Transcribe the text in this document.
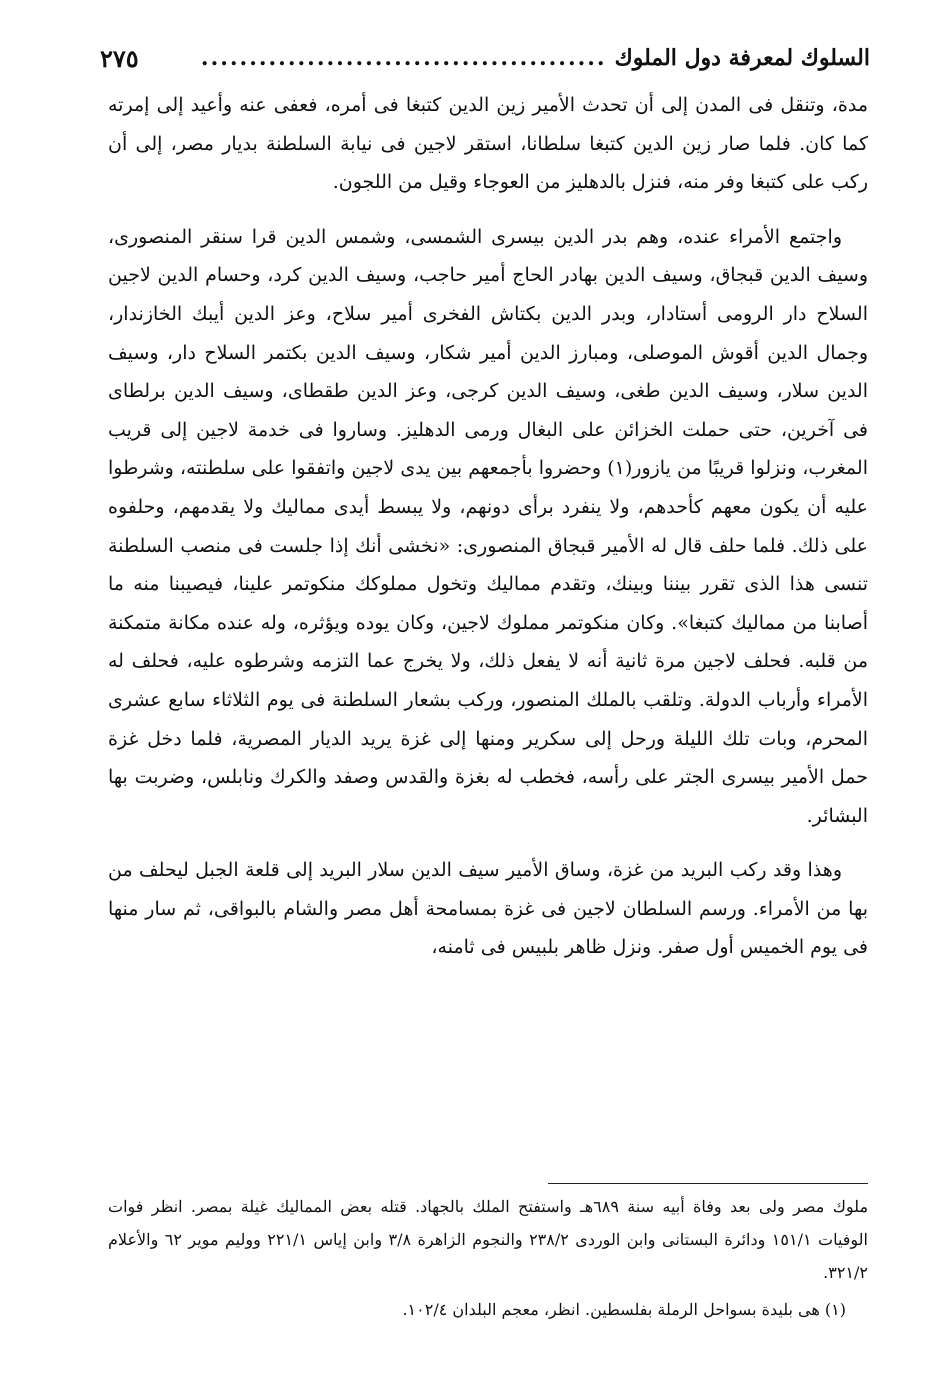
السلوك لمعرفة دول الملوك
..........................................
٢٧٥

مدة، وتنقل فى المدن إلى أن تحدث الأمير زين الدين كتبغا فى أمره، فعفى عنه وأعيد إلى إمرته كما كان. فلما صار زين الدين كتبغا سلطانا، استقر لاجين فى نيابة السلطنة بديار مصر، إلى أن ركب على كتبغا وفر منه، فنزل بالدهليز من العوجاء وقيل من اللجون.

واجتمع الأمراء عنده، وهم بدر الدين بيسرى الشمسى، وشمس الدين قرا سنقر المنصورى، وسيف الدين قبجاق، وسيف الدين بهادر الحاج أمير حاجب، وسيف الدين كرد، وحسام الدين لاجين السلاح دار الرومى أستادار، وبدر الدين بكتاش الفخرى أمير سلاح، وعز الدين أيبك الخازندار، وجمال الدين أقوش الموصلى، ومبارز الدين أمير شكار، وسيف الدين بكتمر السلاح دار، وسيف الدين سلار، وسيف الدين طغى، وسيف الدين كرجى، وعز الدين طقطاى، وسيف الدين برلطاى فى آخرين، حتى حملت الخزائن على البغال ورمى الدهليز. وساروا فى خدمة لاجين إلى قريب المغرب، ونزلوا قريبًا من يازور(١) وحضروا بأجمعهم بين يدى لاجين واتفقوا على سلطنته، وشرطوا عليه أن يكون معهم كأحدهم، ولا ينفرد برأى دونهم، ولا يبسط أيدى مماليك ولا يقدمهم، وحلفوه على ذلك. فلما حلف قال له الأمير قبجاق المنصورى: «نخشى أنك إذا جلست فى منصب السلطنة تنسى هذا الذى تقرر بيننا وبينك، وتقدم مماليك وتخول مملوكك منكوتمر علينا، فيصيبنا منه ما أصابنا من مماليك كتبغا». وكان منكوتمر مملوك لاجين، وكان يوده ويؤثره، وله عنده مكانة متمكنة من قلبه. فحلف لاجين مرة ثانية أنه لا يفعل ذلك، ولا يخرج عما التزمه وشرطوه عليه، فحلف له الأمراء وأرباب الدولة. وتلقب بالملك المنصور، وركب بشعار السلطنة فى يوم الثلاثاء سابع عشرى المحرم، وبات تلك الليلة ورحل إلى سكرير ومنها إلى غزة يريد الديار المصرية، فلما دخل غزة حمل الأمير بيسرى الجتر على رأسه، فخطب له بغزة والقدس وصفد والكرك ونابلس، وضربت بها البشائر.

وهذا وقد ركب البريد من غزة، وساق الأمير سيف الدين سلار البريد إلى قلعة الجبل ليحلف من بها من الأمراء. ورسم السلطان لاجين فى غزة بمسامحة أهل مصر والشام بالبواقى، ثم سار منها فى يوم الخميس أول صفر. ونزل ظاهر بلبيس فى ثامنه،

ملوك مصر ولى بعد وفاة أبيه سنة ٦٨٩هـ واستفتح الملك بالجهاد. قتله بعض المماليك غيلة بمصر. انظر فوات الوفيات ١٥١/١ ودائرة البستانى وابن الوردى ٢٣٨/٢ والنجوم الزاهرة ٣/٨ وابن إياس ٢٢١/١ ووليم موير ٦٢ والأعلام ٣٢١/٢.

(١) هى بليدة بسواحل الرملة بفلسطين. انظر، معجم البلدان ١٠٢/٤.
